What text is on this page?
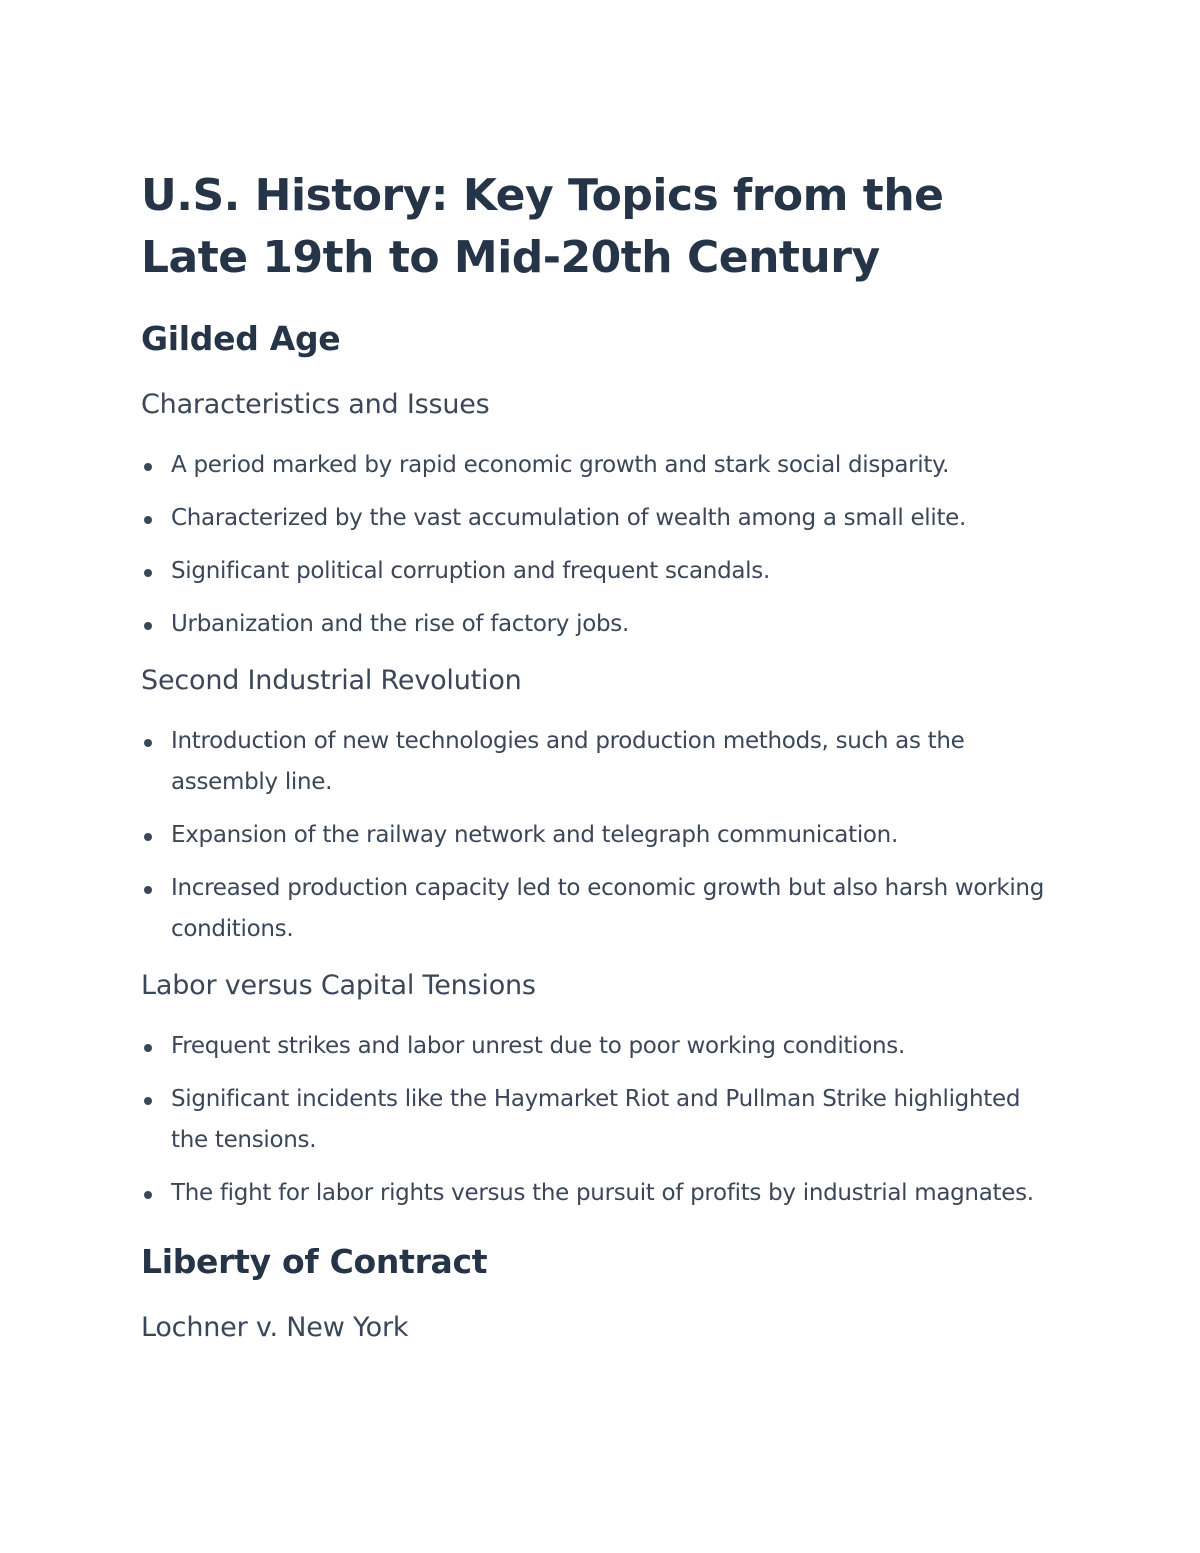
U.S. History: Key Topics from the Late 19th to Mid-20th Century
Gilded Age
Characteristics and Issues
A period marked by rapid economic growth and stark social disparity.
Characterized by the vast accumulation of wealth among a small elite.
Significant political corruption and frequent scandals.
Urbanization and the rise of factory jobs.
Second Industrial Revolution
Introduction of new technologies and production methods, such as the assembly line.
Expansion of the railway network and telegraph communication.
Increased production capacity led to economic growth but also harsh working conditions.
Labor versus Capital Tensions
Frequent strikes and labor unrest due to poor working conditions.
Significant incidents like the Haymarket Riot and Pullman Strike highlighted the tensions.
The fight for labor rights versus the pursuit of profits by industrial magnates.
Liberty of Contract
Lochner v. New York
